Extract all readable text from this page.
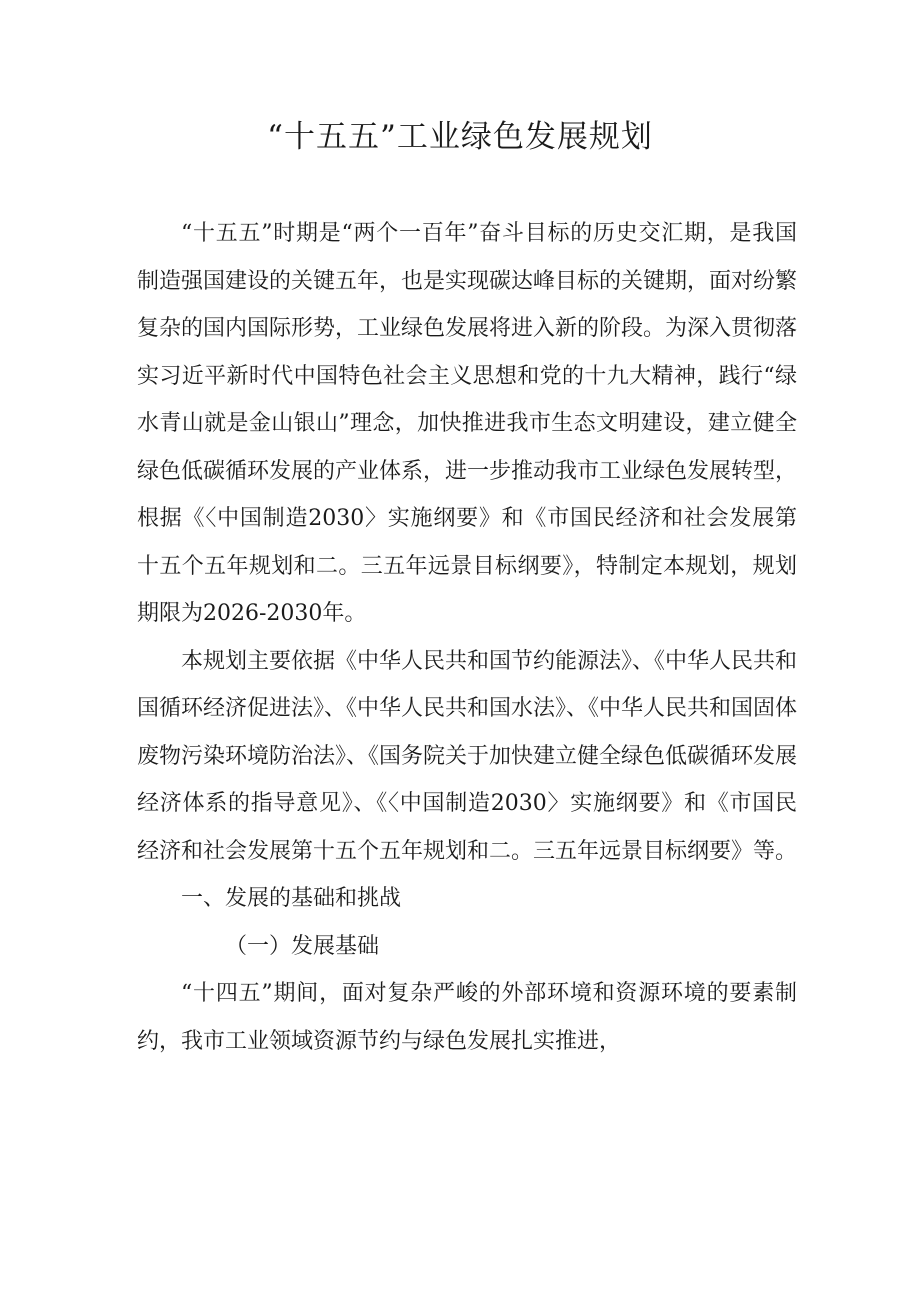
“十五五”工业绿色发展规划

“十五五”时期是“两个一百年”奋斗目标的历史交汇期，是我国制造强国建设的关键五年，也是实现碳达峰目标的关键期，面对纷繁复杂的国内国际形势，工业绿色发展将进入新的阶段。为深入贯彻落实习近平新时代中国特色社会主义思想和党的十九大精神，践行“绿水青山就是金山银山”理念，加快推进我市生态文明建设，建立健全绿色低碳循环发展的产业体系，进一步推动我市工业绿色发展转型，根据《〈中国制造2030〉实施纲要》和《市国民经济和社会发展第十五个五年规划和二。三五年远景目标纲要》，特制定本规划，规划期限为2026-2030年。

本规划主要依据《中华人民共和国节约能源法》、《中华人民共和国循环经济促进法》、《中华人民共和国水法》、《中华人民共和国固体废物污染环境防治法》、《国务院关于加快建立健全绿色低碳循环发展经济体系的指导意见》、《〈中国制造2030〉实施纲要》和《市国民经济和社会发展第十五个五年规划和二。三五年远景目标纲要》等。

一、发展的基础和挑战

（一）发展基础

“十四五”期间，面对复杂严峻的外部环境和资源环境的要素制约，我市工业领域资源节约与绿色发展扎实推进，
